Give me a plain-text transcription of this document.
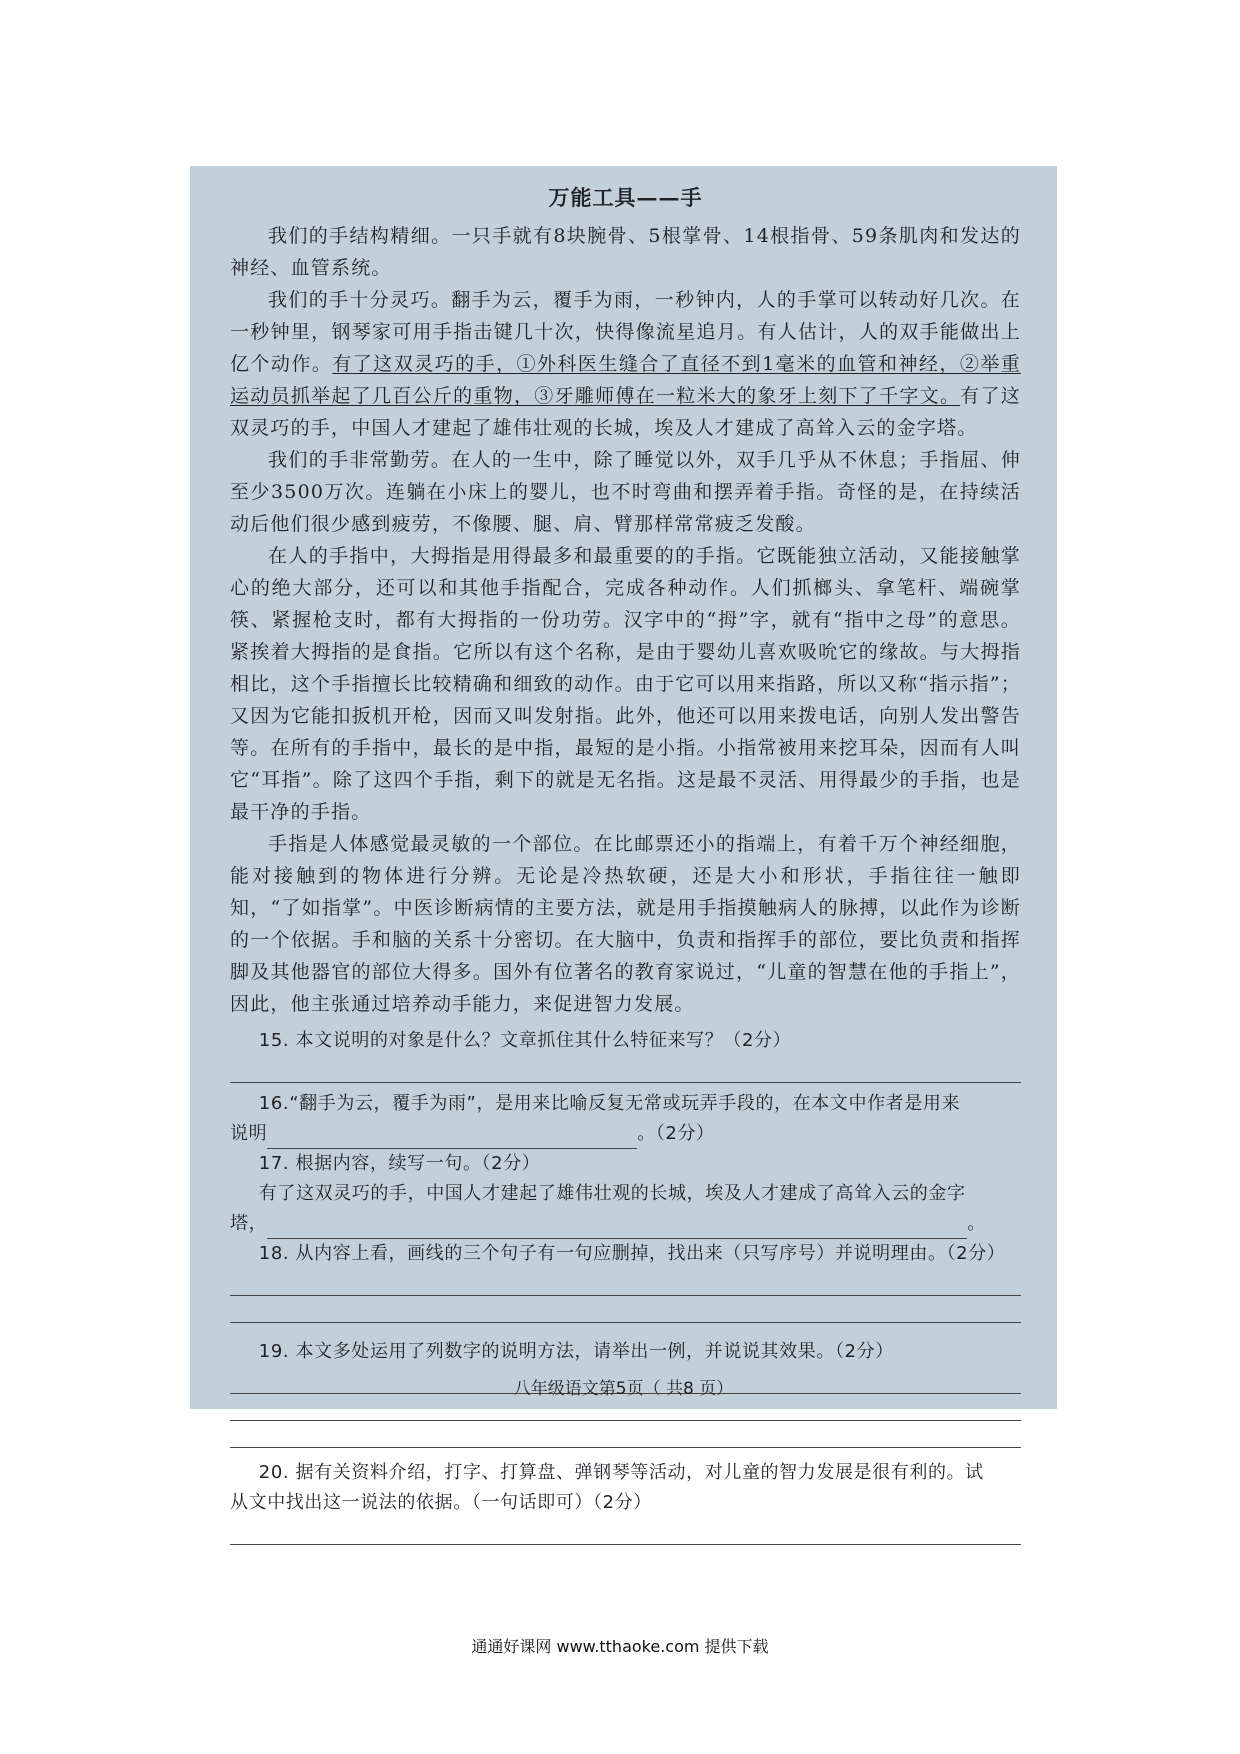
万能工具——手

我们的手结构精细。一只手就有8块腕骨、5根掌骨、14根指骨、59条肌肉和发达的神经、血管系统。

我们的手十分灵巧。翻手为云，覆手为雨，一秒钟内，人的手掌可以转动好几次。在一秒钟里，钢琴家可用手指击键几十次，快得像流星追月。有人估计，人的双手能做出上亿个动作。有了这双灵巧的手，①外科医生缝合了直径不到1毫米的血管和神经，②举重运动员抓举起了几百公斤的重物，③牙雕师傅在一粒米大的象牙上刻下了千字文。有了这双灵巧的手，中国人才建起了雄伟壮观的长城，埃及人才建成了高耸入云的金字塔。

我们的手非常勤劳。在人的一生中，除了睡觉以外，双手几乎从不休息；手指屈、伸至少3500万次。连躺在小床上的婴儿，也不时弯曲和摆弄着手指。奇怪的是，在持续活动后他们很少感到疲劳，不像腰、腿、肩、臂那样常常疲乏发酸。

在人的手指中，大拇指是用得最多和最重要的的手指。它既能独立活动，又能接触掌心的绝大部分，还可以和其他手指配合，完成各种动作。人们抓榔头、拿笔杆、端碗掌筷、紧握枪支时，都有大拇指的一份功劳。汉字中的“拇”字，就有“指中之母”的意思。紧挨着大拇指的是食指。它所以有这个名称，是由于婴幼儿喜欢吸吮它的缘故。与大拇指相比，这个手指擅长比较精确和细致的动作。由于它可以用来指路，所以又称“指示指”；又因为它能扣扳机开枪，因而又叫发射指。此外，他还可以用来拨电话，向别人发出警告等。在所有的手指中，最长的是中指，最短的是小指。小指常被用来挖耳朵，因而有人叫它“耳指”。除了这四个手指，剩下的就是无名指。这是最不灵活、用得最少的手指，也是最干净的手指。

手指是人体感觉最灵敏的一个部位。在比邮票还小的指端上，有着千万个神经细胞，能对接触到的物体进行分辨。无论是冷热软硬，还是大小和形状，手指往往一触即知，“了如指掌”。中医诊断病情的主要方法，就是用手指摸触病人的脉搏，以此作为诊断的一个依据。手和脑的关系十分密切。在大脑中，负责和指挥手的部位，要比负责和指挥脚及其他器官的部位大得多。国外有位著名的教育家说过，“儿童的智慧在他的手指上”，因此，他主张通过培养动手能力，来促进智力发展。

15. 本文说明的对象是什么？文章抓住其什么特征来写？（2分）

16.“翻手为云，覆手为雨”，是用来比喻反复无常或玩弄手段的，在本文中作者是用来

说明	。（2分）

17. 根据内容，续写一句。（2分）

有了这双灵巧的手，中国人才建起了雄伟壮观的长城，埃及人才建成了高耸入云的金字

塔，	。

18. 从内容上看，画线的三个句子有一句应删掉，找出来（只写序号）并说明理由。（2分）

19. 本文多处运用了列数字的说明方法，请举出一例，并说说其效果。（2分）

20. 据有关资料介绍，打字、打算盘、弹钢琴等活动，对儿童的智力发展是很有利的。试

从文中找出这一说法的依据。（一句话即可）（2分）

八年级语文第5页（ 共8 页）
通通好课网 www.tthaoke.com 提供下载
